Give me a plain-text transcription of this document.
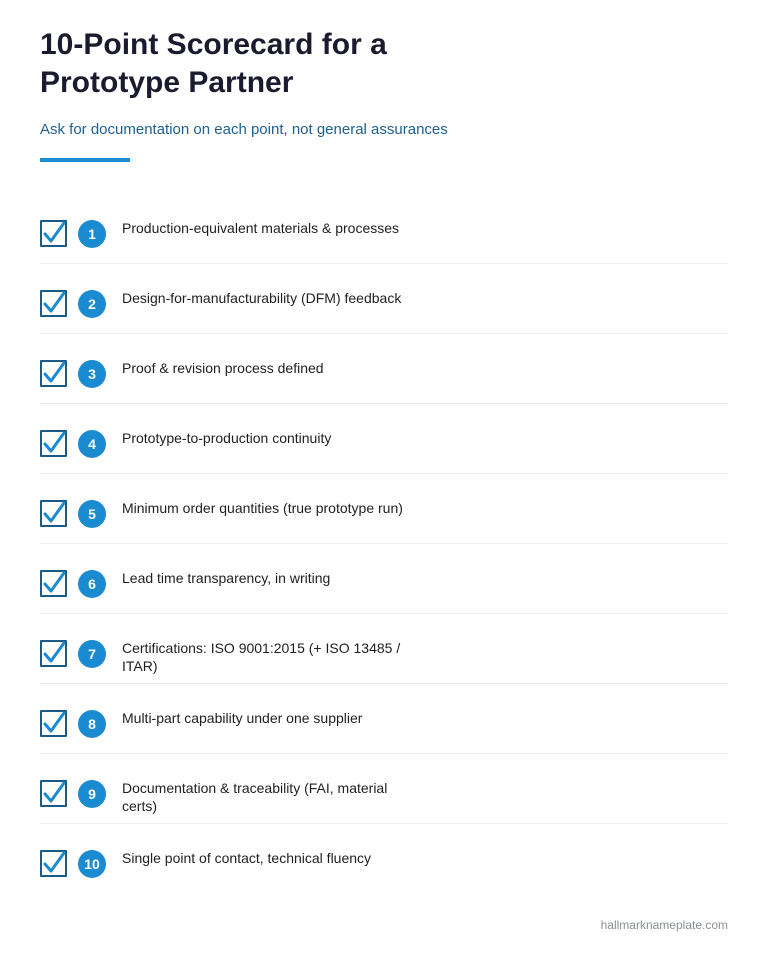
10-Point Scorecard for a Prototype Partner
Ask for documentation on each point, not general assurances
1	Production-equivalent materials & processes
2	Design-for-manufacturability (DFM) feedback
3	Proof & revision process defined
4	Prototype-to-production continuity
5	Minimum order quantities (true prototype run)
6	Lead time transparency, in writing
7	Certifications: ISO 9001:2015 (+ ISO 13485 / ITAR)
8	Multi-part capability under one supplier
9	Documentation & traceability (FAI, material certs)
10	Single point of contact, technical fluency
hallmarknameplate.com
